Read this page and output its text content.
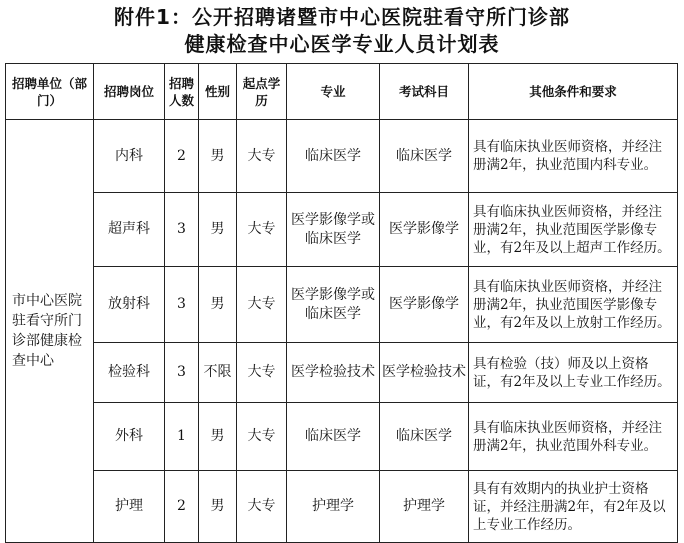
附件1：公开招聘诸暨市中心医院驻看守所门诊部
健康检查中心医学专业人员计划表
招聘单位（部门）	招聘岗位	招聘人数	性别	起点学历	专业	考试科目	其他条件和要求
市中心医院驻看守所门诊部健康检查中心	内科	2	男	大专	临床医学	临床医学	具有临床执业医师资格，并经注册满2年，执业范围内科专业。
	超声科	3	男	大专	医学影像学或临床医学	医学影像学	具有临床执业医师资格，并经注册满2年，执业范围医学影像专业，有2年及以上超声工作经历。
	放射科	3	男	大专	医学影像学或临床医学	医学影像学	具有临床执业医师资格，并经注册满2年，执业范围医学影像专业，有2年及以上放射工作经历。
	检验科	3	不限	大专	医学检验技术	医学检验技术	具有检验（技）师及以上资格证，有2年及以上专业工作经历。
	外科	1	男	大专	临床医学	临床医学	具有临床执业医师资格，并经注册满2年，执业范围外科专业。
	护理	2	男	大专	护理学	护理学	具有有效期内的执业护士资格证，并经注册满2年，有2年及以上专业工作经历。
